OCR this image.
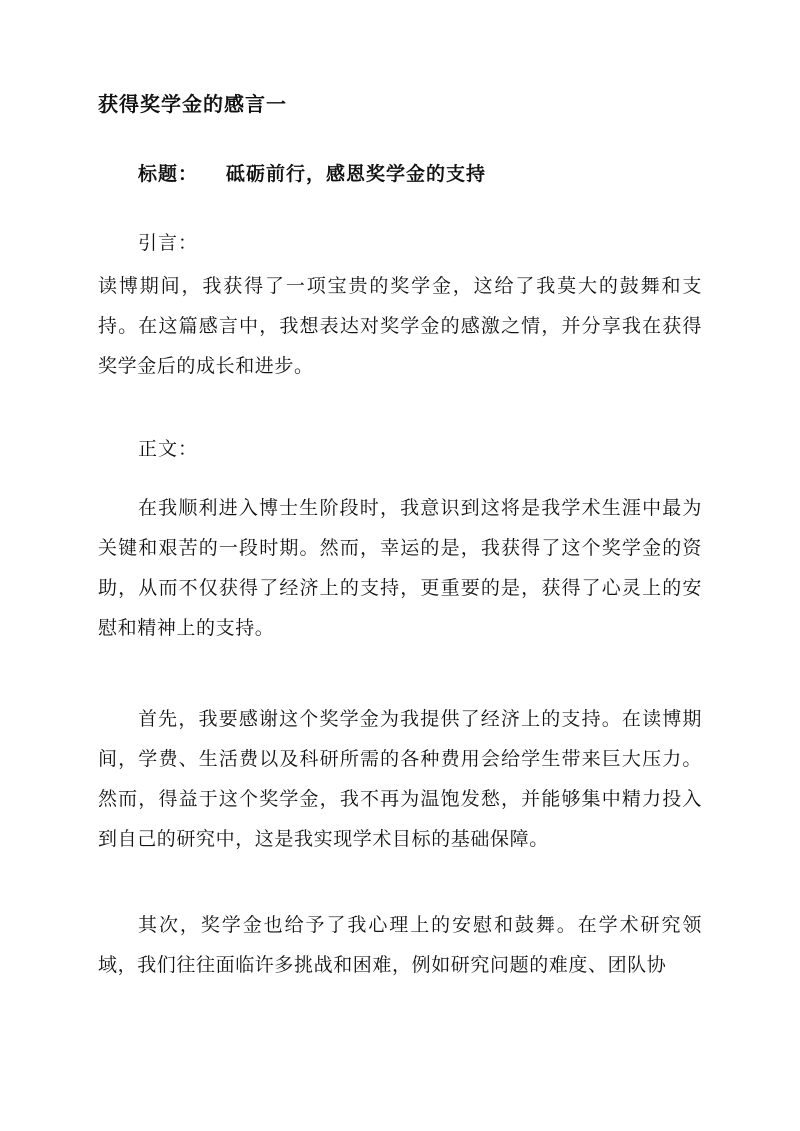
获得奖学金的感言一
标题： 砥砺前行，感恩奖学金的支持
引言：
读博期间，我获得了一项宝贵的奖学金，这给了我莫大的鼓舞和支持。在这篇感言中，我想表达对奖学金的感激之情，并分享我在获得奖学金后的成长和进步。
正文：
在我顺利进入博士生阶段时，我意识到这将是我学术生涯中最为关键和艰苦的一段时期。然而，幸运的是，我获得了这个奖学金的资助，从而不仅获得了经济上的支持，更重要的是，获得了心灵上的安慰和精神上的支持。
首先，我要感谢这个奖学金为我提供了经济上的支持。在读博期间，学费、生活费以及科研所需的各种费用会给学生带来巨大压力。然而，得益于这个奖学金，我不再为温饱发愁，并能够集中精力投入到自己的研究中，这是我实现学术目标的基础保障。
其次，奖学金也给予了我心理上的安慰和鼓舞。在学术研究领域，我们往往面临许多挑战和困难，例如研究问题的难度、团队协
